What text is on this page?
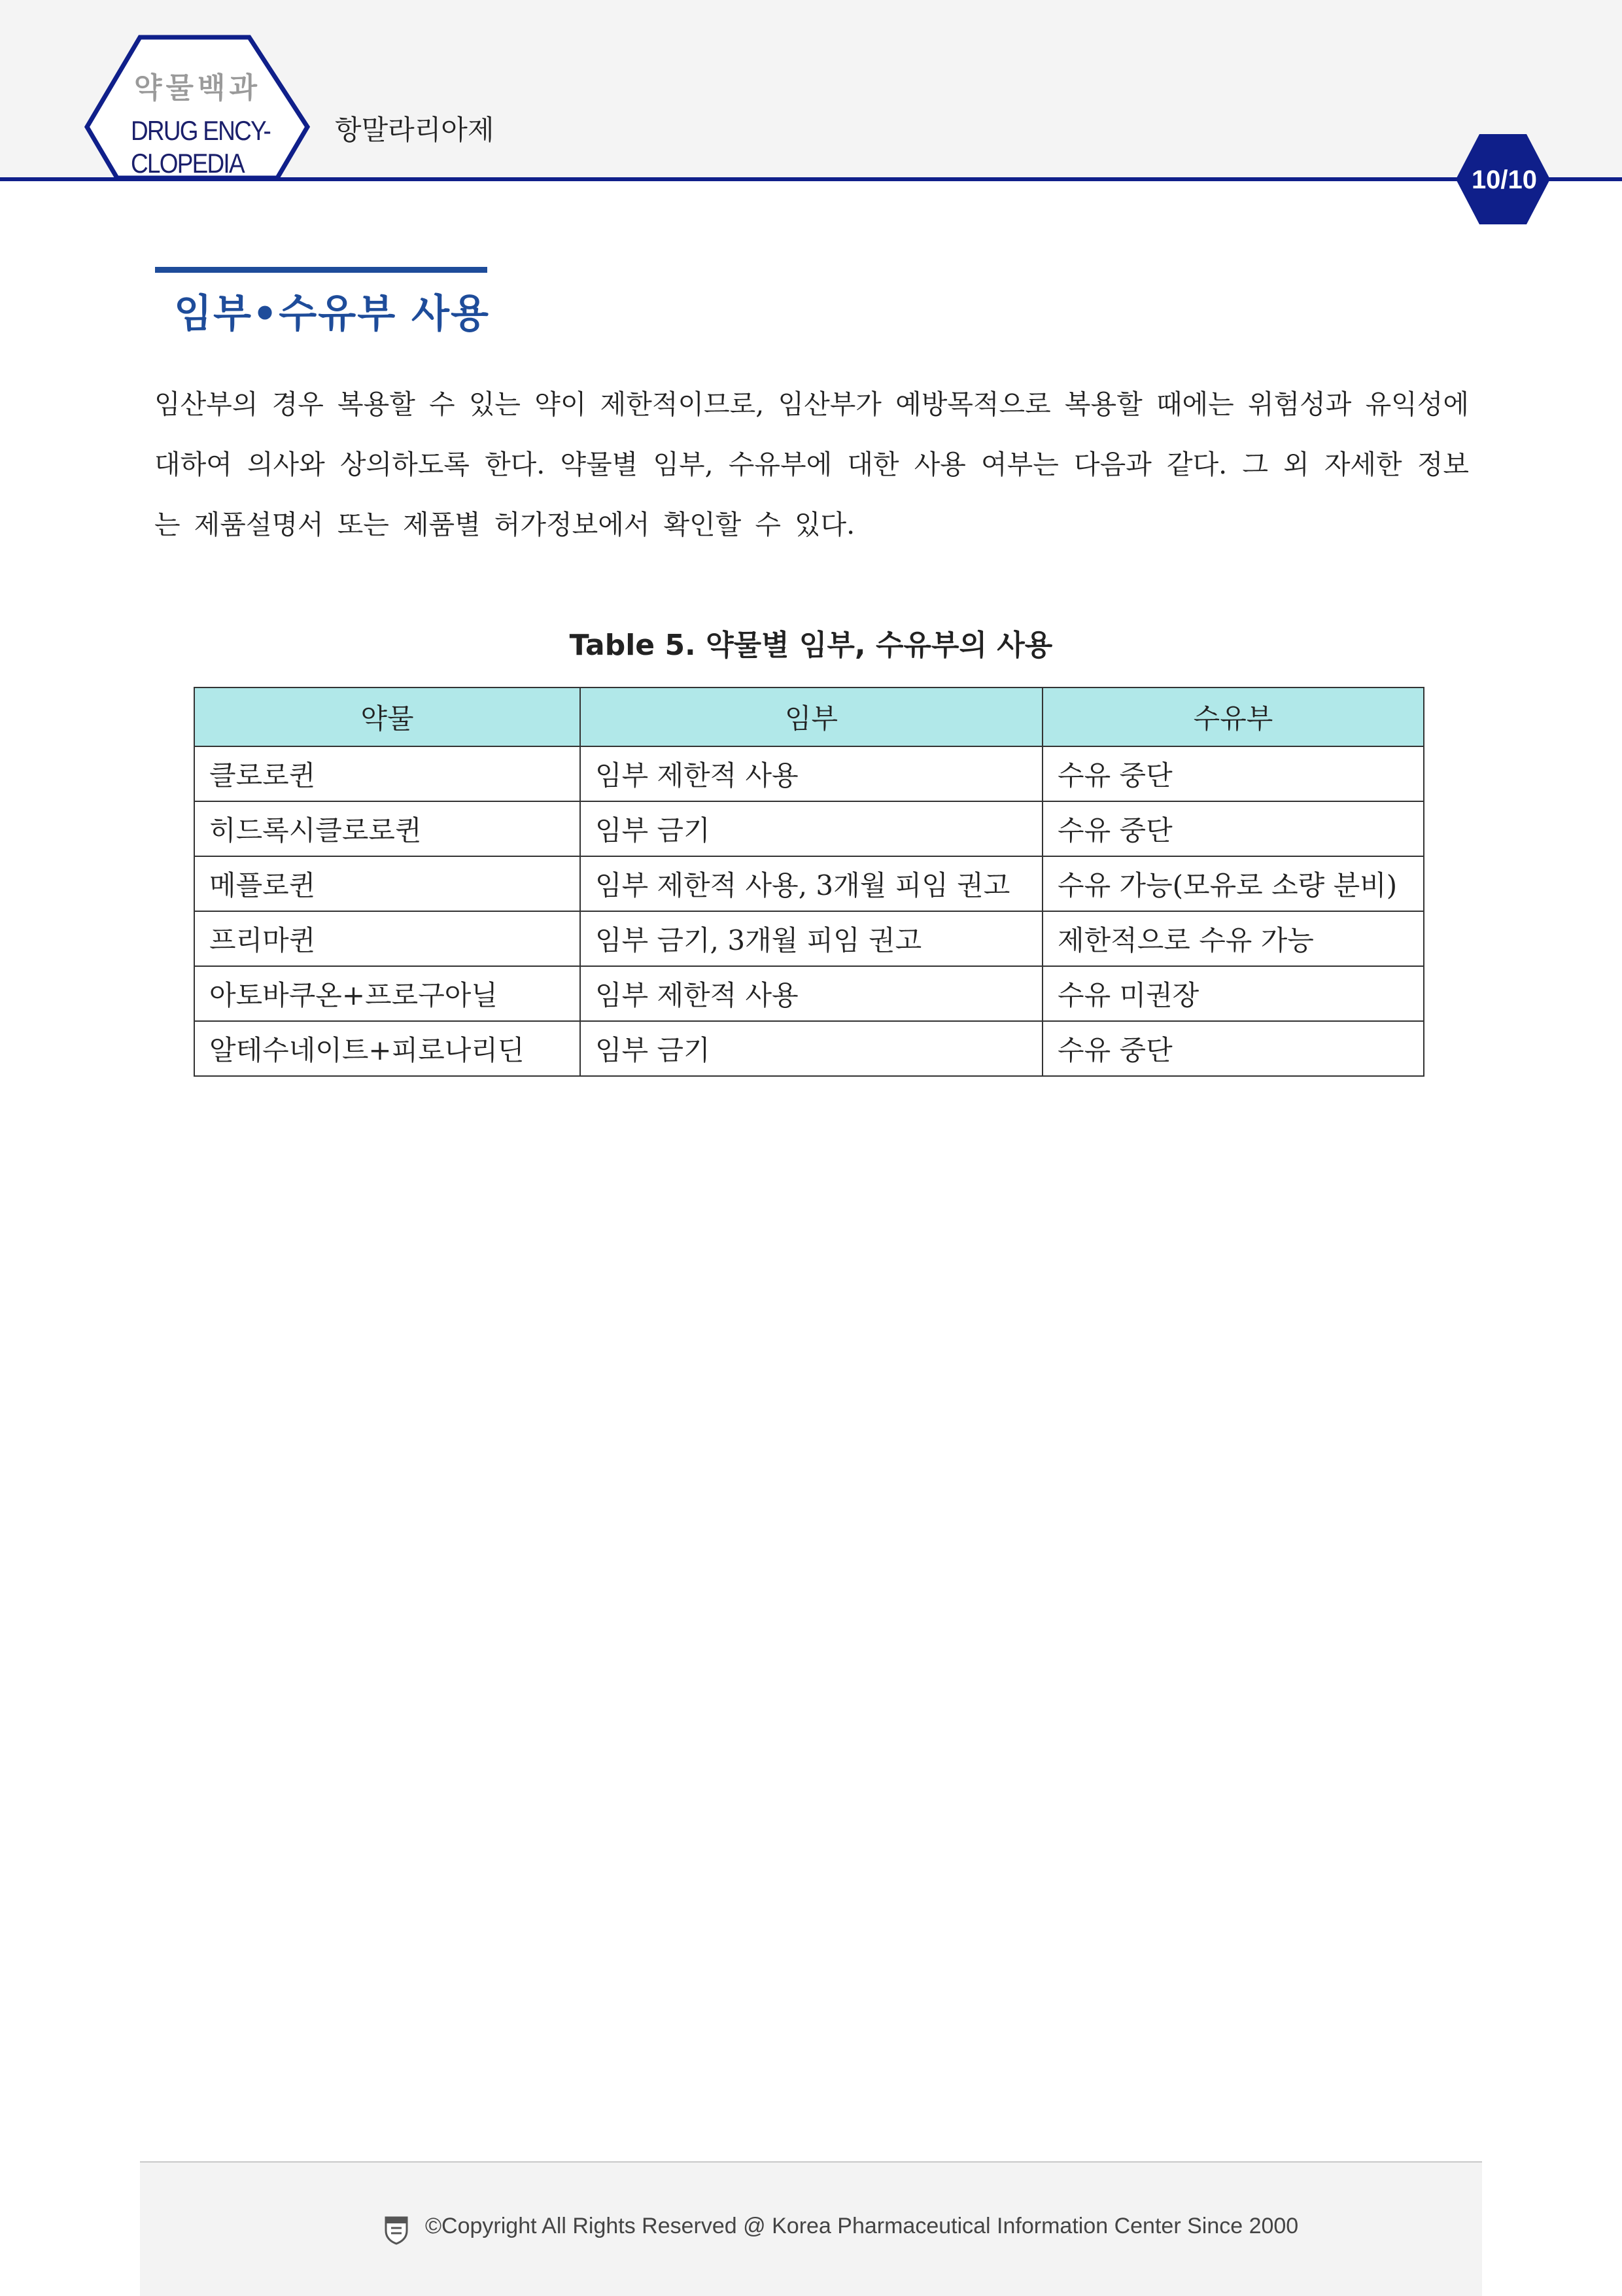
약물백과
DRUG ENCY-
CLOPEDIA
항말라리아제
10/10
임부•수유부 사용
임산부의 경우 복용할 수 있는 약이 제한적이므로, 임산부가 예방목적으로 복용할 때에는 위험성과 유익성에 대하여 의사와 상의하도록 한다. 약물별 임부, 수유부에 대한 사용 여부는 다음과 같다. 그 외 자세한 정보는 제품설명서 또는 제품별 허가정보에서 확인할 수 있다.
Table 5. 약물별 임부, 수유부의 사용
약물	임부	수유부
클로로퀸	임부 제한적 사용	수유 중단
히드록시클로로퀸	임부 금기	수유 중단
메플로퀸	임부 제한적 사용, 3개월 피임 권고	수유 가능(모유로 소량 분비)
프리마퀸	임부 금기, 3개월 피임 권고	제한적으로 수유 가능
아토바쿠온+프로구아닐	임부 제한적 사용	수유 미권장
알테수네이트+피로나리딘	임부 금기	수유 중단
©Copyright All Rights Reserved @ Korea Pharmaceutical Information Center Since 2000
